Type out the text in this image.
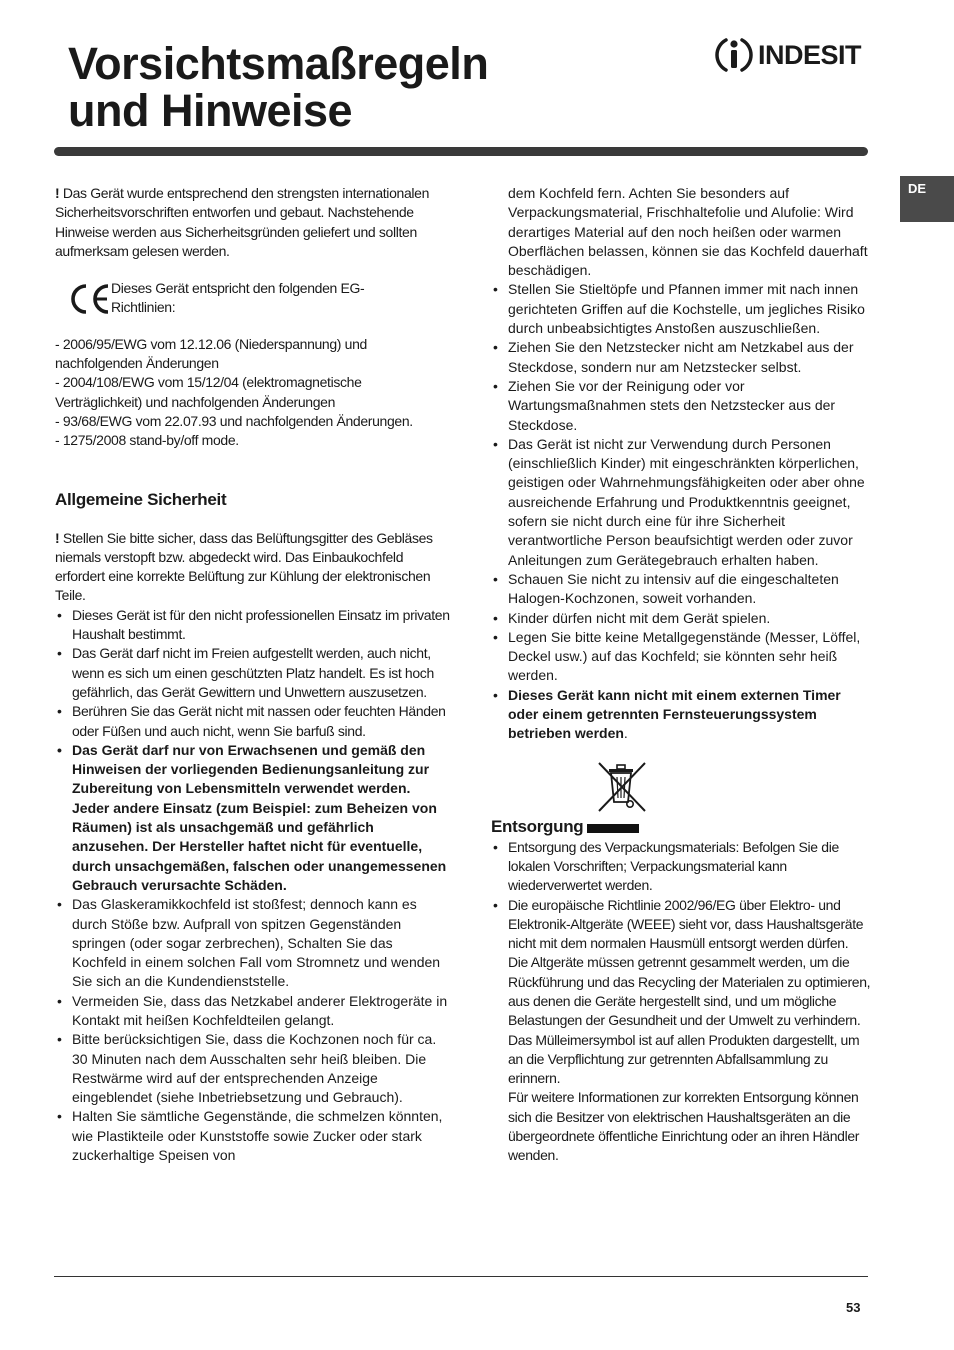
Vorsichtsmaßregeln
und Hinweise
INDESIT
DE

! Das Gerät wurde entsprechend den strengsten internationalen Sicherheitsvorschriften entworfen und gebaut. Nachstehende Hinweise werden aus Sicherheitsgründen geliefert und sollten aufmerksam gelesen werden.

Dieses Gerät entspricht den folgenden EG-Richtlinien:

- 2006/95/EWG vom 12.12.06 (Niederspannung) und nachfolgenden Änderungen

- 2004/108/EWG vom 15/12/04 (elektromagnetische Verträglichkeit) und nachfolgenden Änderungen

- 93/68/EWG vom 22.07.93 und nachfolgenden Änderungen.

- 1275/2008 stand-by/off mode.

Allgemeine Sicherheit

! Stellen Sie bitte sicher, dass das Belüftungsgitter des Gebläses niemals verstopft bzw. abgedeckt wird. Das Einbaukochfeld erfordert eine korrekte Belüftung zur Kühlung der elektronischen Teile.

• Dieses Gerät ist für den nicht professionellen Einsatz im privaten Haushalt bestimmt.
• Das Gerät darf nicht im Freien aufgestellt werden, auch nicht, wenn es sich um einen geschützten Platz handelt. Es ist hoch gefährlich, das Gerät Gewittern und Unwettern auszusetzen.
• Berühren Sie das Gerät nicht mit nassen oder feuchten Händen oder Füßen und auch nicht, wenn Sie barfuß sind.
• Das Gerät darf nur von Erwachsenen und gemäß den Hinweisen der vorliegenden Bedienungsanleitung zur Zubereitung von Lebensmitteln verwendet werden. Jeder andere Einsatz (zum Beispiel: zum Beheizen von Räumen) ist als unsachgemäß und gefährlich anzusehen. Der Hersteller haftet nicht für eventuelle, durch unsachgemäßen, falschen oder unangemessenen Gebrauch verursachte Schäden.
• Das Glaskeramikkochfeld ist stoßfest; dennoch kann es durch Stöße bzw. Aufprall von spitzen Gegenständen springen (oder sogar zerbrechen), Schalten Sie das Kochfeld in einem solchen Fall vom Stromnetz und wenden Sie sich an die Kundendienststelle.
• Vermeiden Sie, dass das Netzkabel anderer Elektrogeräte in Kontakt mit heißen Kochfeldteilen gelangt.
• Bitte berücksichtigen Sie, dass die Kochzonen noch für ca. 30 Minuten nach dem Ausschalten sehr heiß bleiben. Die Restwärme wird auf der entsprechenden Anzeige eingeblendet (siehe Inbetriebsetzung und Gebrauch).
• Halten Sie sämtliche Gegenstände, die schmelzen könnten, wie Plastikteile oder Kunststoffe sowie Zucker oder stark zuckerhaltige Speisen von

dem Kochfeld fern. Achten Sie besonders auf Verpackungsmaterial, Frischhaltefolie und Alufolie: Wird derartiges Material auf den noch heißen oder warmen Oberflächen belassen, können sie das Kochfeld dauerhaft beschädigen.

• Stellen Sie Stieltöpfe und Pfannen immer mit nach innen gerichteten Griffen auf die Kochstelle, um jegliches Risiko durch unbeabsichtigtes Anstoßen auszuschließen.
• Ziehen Sie den Netzstecker nicht am Netzkabel aus der Steckdose, sondern nur am Netzstecker selbst.
• Ziehen Sie vor der Reinigung oder vor Wartungsmaßnahmen stets den Netzstecker aus der Steckdose.
• Das Gerät ist nicht zur Verwendung durch Personen (einschließlich Kinder) mit eingeschränkten körperlichen, geistigen oder Wahrnehmungsfähigkeiten oder aber ohne ausreichende Erfahrung und Produktkenntnis geeignet, sofern sie nicht durch eine für ihre Sicherheit verantwortliche Person beaufsichtigt werden oder zuvor Anleitungen zum Gerätegebrauch erhalten haben.
• Schauen Sie nicht zu intensiv auf die eingeschalteten Halogen-Kochzonen, soweit vorhanden.
• Kinder dürfen nicht mit dem Gerät spielen.
• Legen Sie bitte keine Metallgegenstände (Messer, Löffel, Deckel usw.) auf das Kochfeld; sie könnten sehr heiß werden.
• Dieses Gerät kann nicht mit einem externen Timer oder einem getrennten Fernsteuerungssystem betrieben werden.
Entsorgung
• Entsorgung des Verpackungsmaterials: Befolgen Sie die lokalen Vorschriften; Verpackungsmaterial kann wiederverwertet werden.
• Die europäische Richtlinie 2002/96/EG über Elektro- und Elektronik-Altgeräte (WEEE) sieht vor, dass Haushaltsgeräte nicht mit dem normalen Hausmüll entsorgt werden dürfen. Die Altgeräte müssen getrennt gesammelt werden, um die Rückführung und das Recycling der Materialen zu optimieren, aus denen die Geräte hergestellt sind, und um mögliche Belastungen der Gesundheit und der Umwelt zu verhindern. Das Mülleimersymbol ist auf allen Produkten dargestellt, um an die Verpflichtung zur getrennten Abfallsammlung zu erinnern.

Für weitere Informationen zur korrekten Entsorgung können sich die Besitzer von elektrischen Haushaltsgeräten an die übergeordnete öffentliche Einrichtung oder an ihren Händler wenden.

53
